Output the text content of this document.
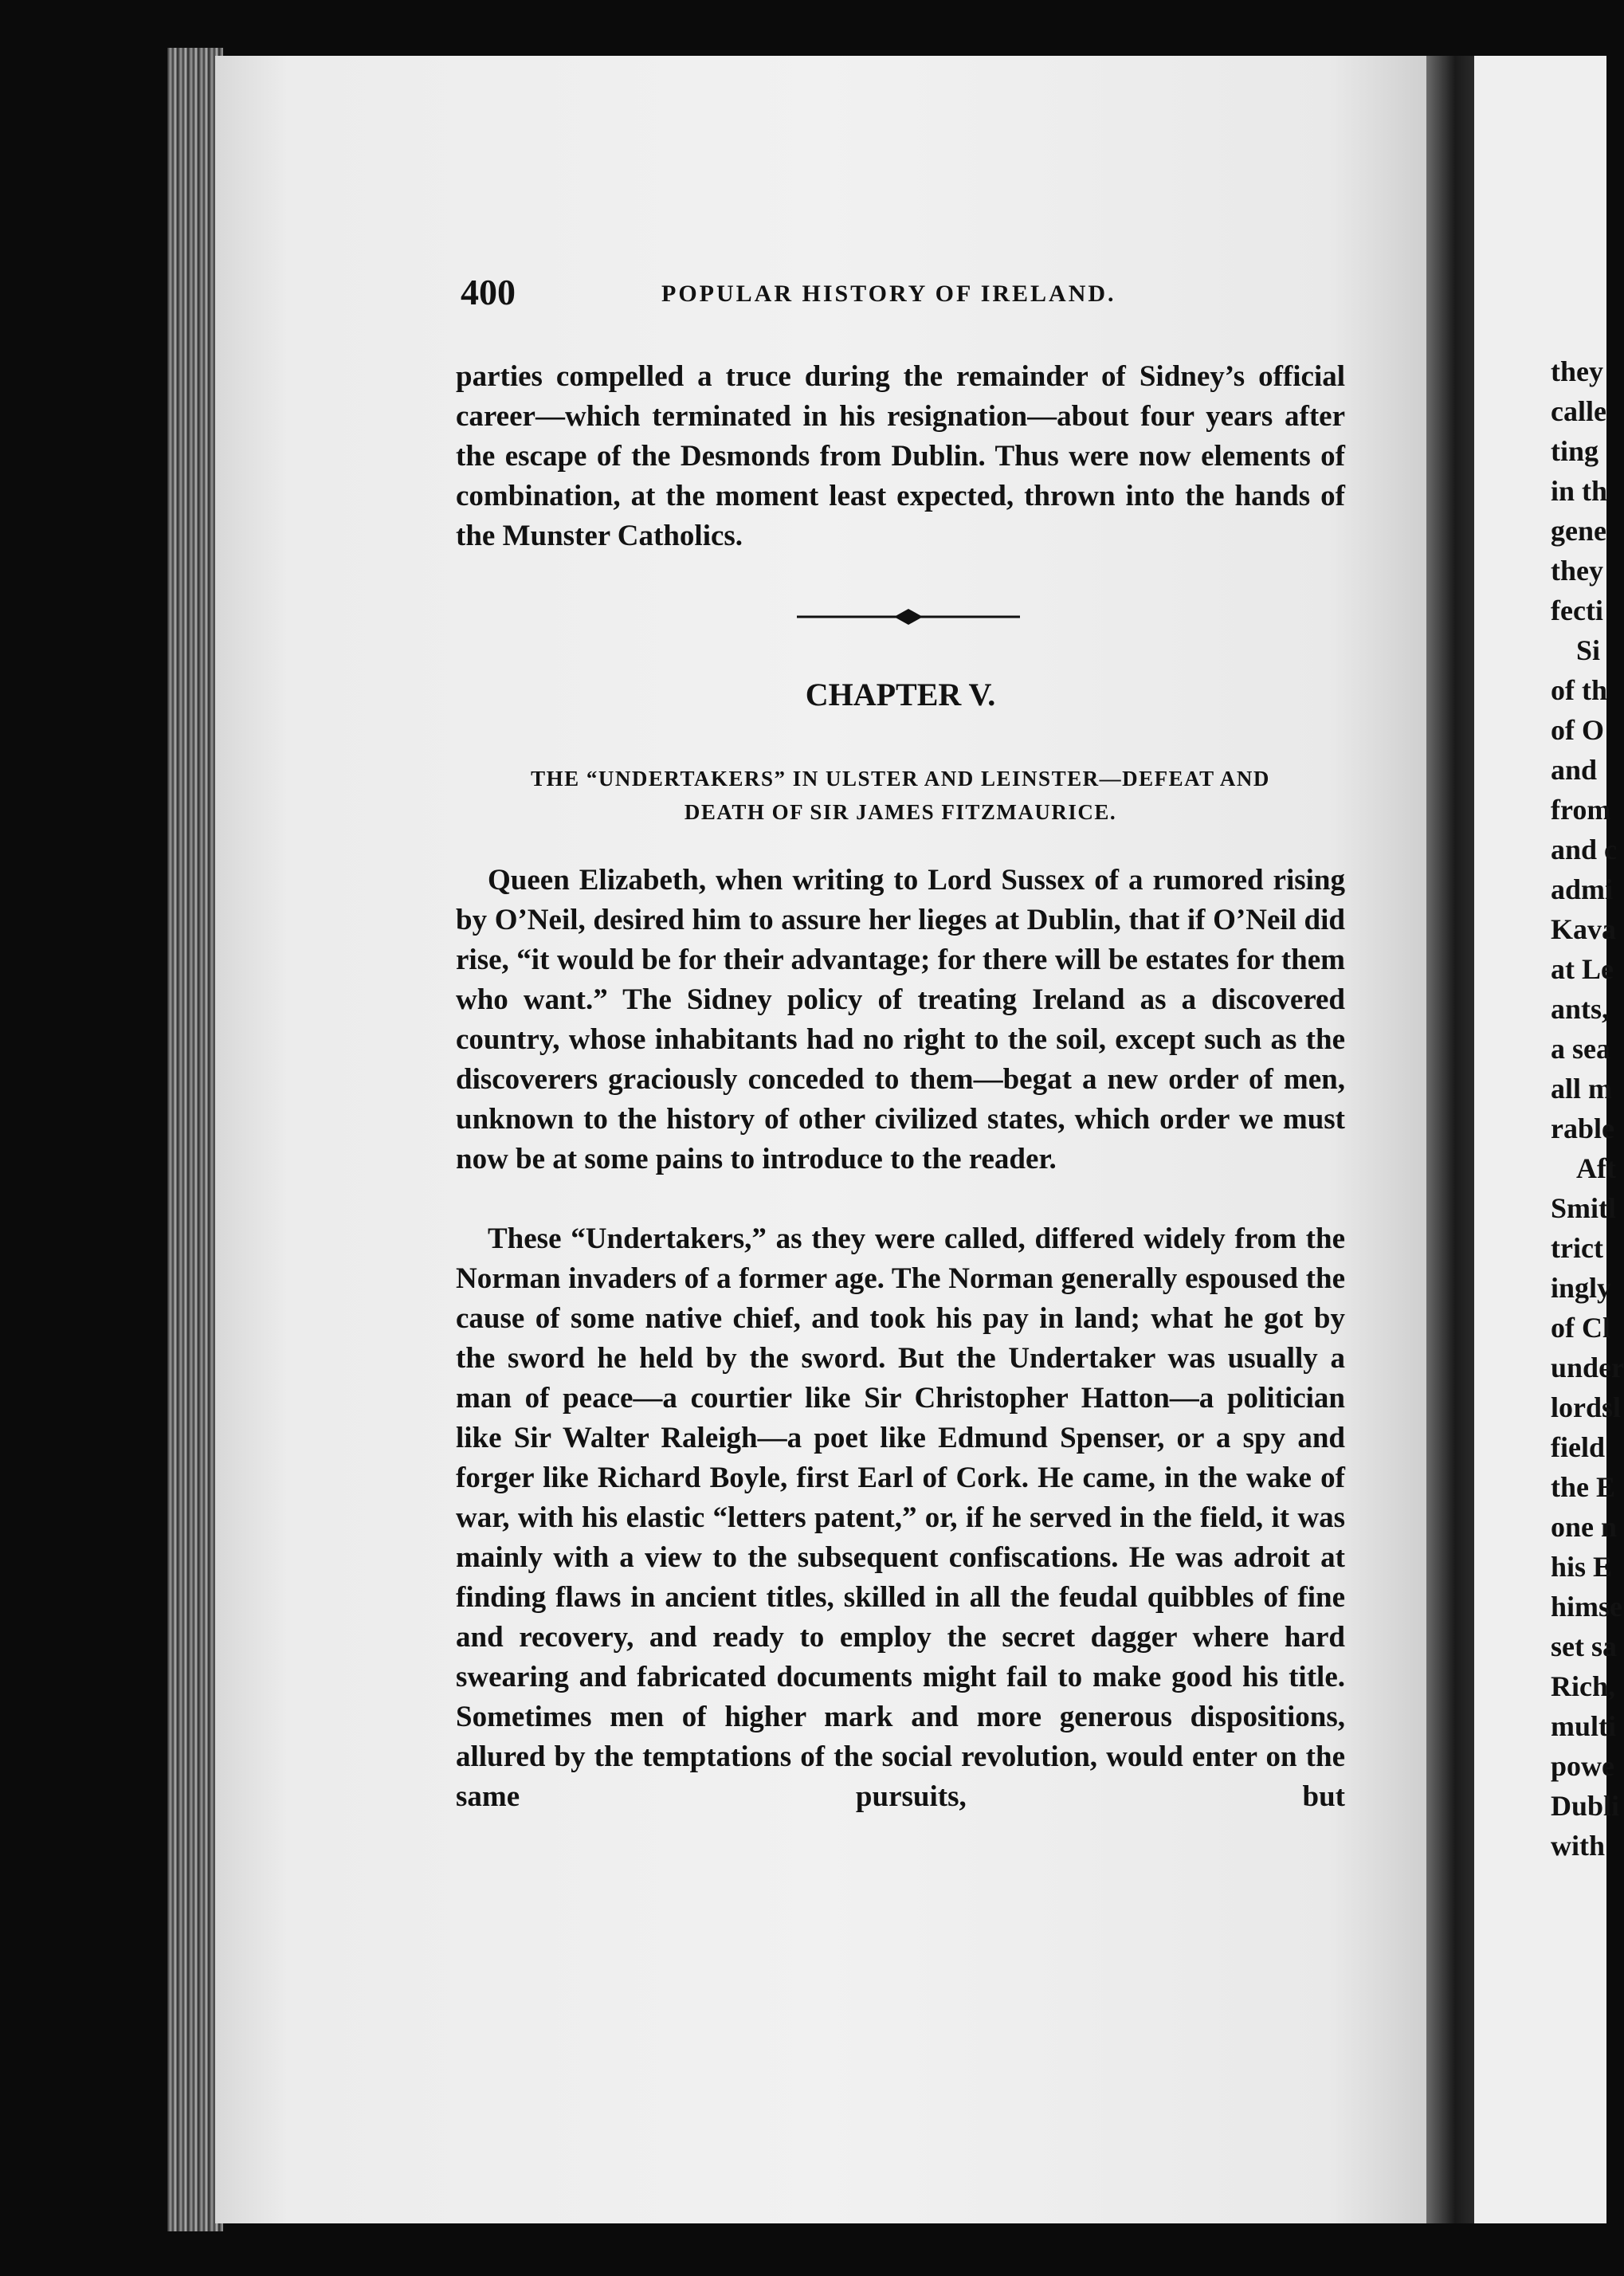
they
calle
ting
in th
gene
they
fecti
Si
of th
of O
and
from
and c
admi
Kava
at Le
ants,
a sea
all m
rable
Aft
Smitl
trict
ingly
of Cl
under
lordsl
field
the E
one n
his E
himse
set sa
Rich,
multi
powe
Dubli
with
400	POPULAR HISTORY OF IRELAND.

parties compelled a truce during the remainder of Sidney’s official career—which terminated in his resignation—about four years after the escape of the Desmonds from Dublin. Thus were now elements of combination, at the moment least expected, thrown into the hands of the Munster Catholics.

CHAPTER V.
THE “UNDERTAKERS” IN ULSTER AND LEINSTER—DEFEAT AND
DEATH OF SIR JAMES FITZMAURICE.

Queen Elizabeth, when writing to Lord Sussex of a rumored rising by O’Neil, desired him to assure her lieges at Dublin, that if O’Neil did rise, “it would be for their advantage; for there will be estates for them who want.” The Sidney policy of treating Ireland as a discovered country, whose inhabitants had no right to the soil, except such as the discoverers graciously conceded to them—begat a new order of men, unknown to the history of other civilized states, which order we must now be at some pains to introduce to the reader.

These “Undertakers,” as they were called, differed widely from the Norman invaders of a former age. The Norman generally espoused the cause of some native chief, and took his pay in land; what he got by the sword he held by the sword. But the Undertaker was usually a man of peace—a courtier like Sir Christopher Hatton—a politician like Sir Walter Raleigh—a poet like Edmund Spenser, or a spy and forger like Richard Boyle, first Earl of Cork. He came, in the wake of war, with his elastic “letters patent,” or, if he served in the field, it was mainly with a view to the subsequent confiscations. He was adroit at finding flaws in ancient titles, skilled in all the feudal quibbles of fine and recovery, and ready to employ the secret dagger where hard swearing and fabricated documents might fail to make good his title. Sometimes men of higher mark and more generous dispositions, allured by the temptations of the social revolution, would enter on the same pursuits, but
